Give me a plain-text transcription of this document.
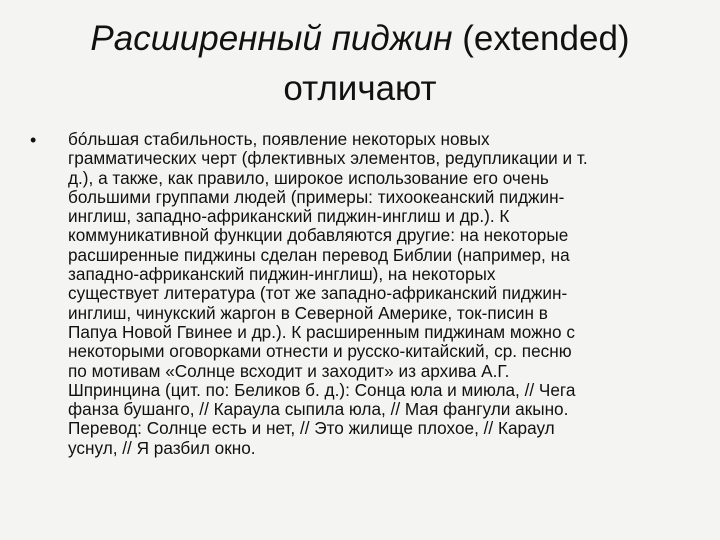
Расширенный пиджин (extended)
отличают
• бóльшая стабильность, появление некоторых новых
грамматических черт (флективных элементов, редупликации и т.
д.), а также, как правило, широкое использование его очень
большими группами людей (примеры: тихоокеанский пиджин-
инглиш, западно-африканский пиджин-инглиш и др.). К
коммуникативной функции добавляются другие: на некоторые
расширенные пиджины сделан перевод Библии (например, на
западно-африканский пиджин-инглиш), на некоторых
существует литература (тот же западно-африканский пиджин-
инглиш, чинукский жаргон в Северной Америке, ток-писин в
Папуа Новой Гвинее и др.). К расширенным пиджинам можно с
некоторыми оговорками отнести и русско-китайский, ср. песню
по мотивам «Солнце всходит и заходит» из архива А.Г.
Шпринцина (цит. по: Беликов б. д.): Сонца юла и миюла, // Чега
фанза бушанго, // Караула сыпила юла, // Мая фангули акыно.
Перевод: Солнце есть и нет, // Это жилище плохое, // Караул
уснул, // Я разбил окно.
